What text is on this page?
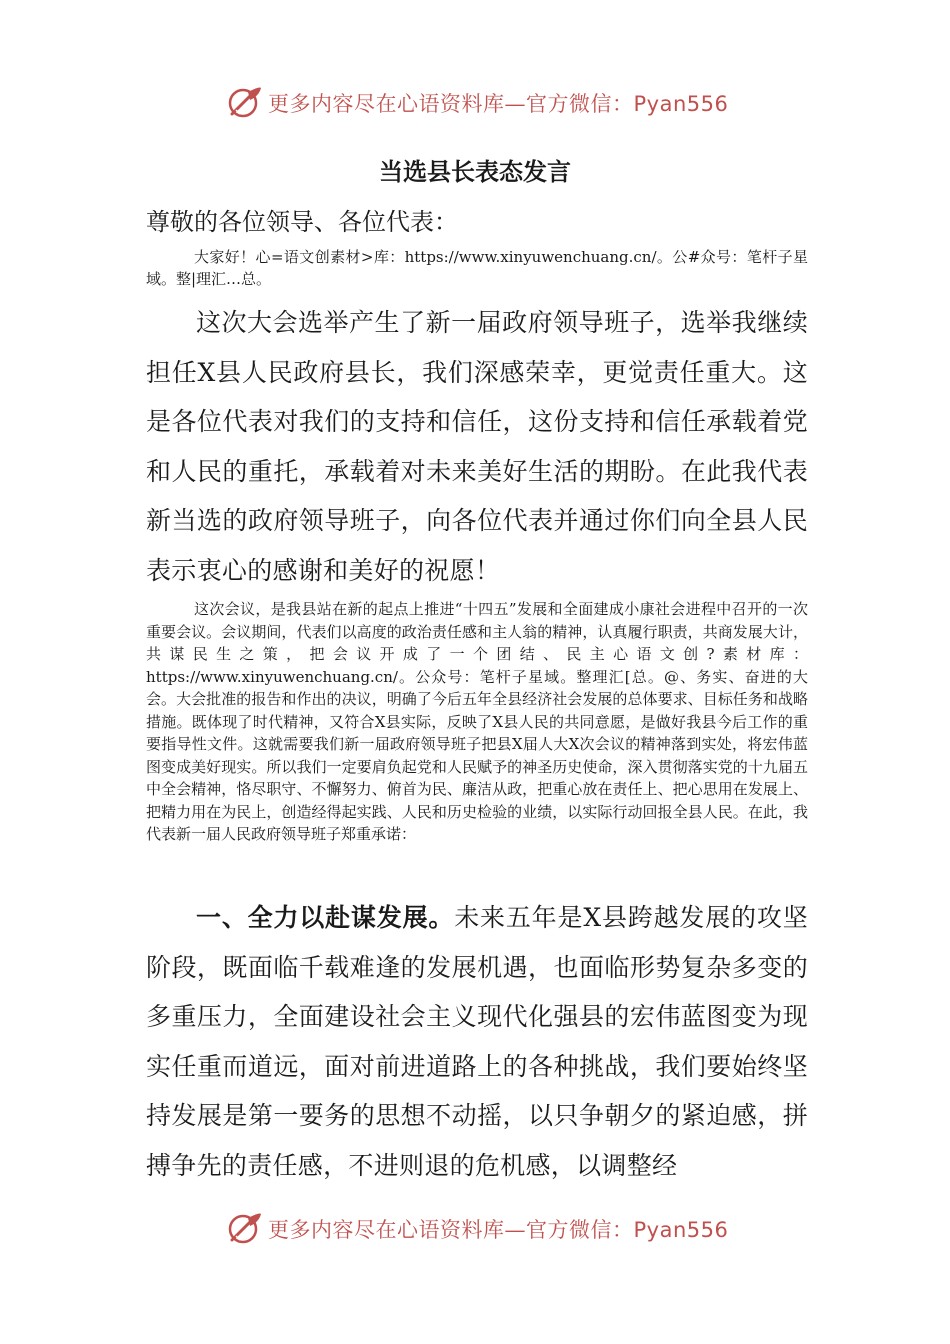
更多内容尽在心语资料库—官方微信：Pyan556
当选县长表态发言
尊敬的各位领导、各位代表：
大家好！心=语文创素材>库：https://www.xinyuwenchuang.cn/。公#众号：笔杆子星域。整|理汇…总。
这次大会选举产生了新一届政府领导班子，选举我继续担任X县人民政府县长，我们深感荣幸，更觉责任重大。这是各位代表对我们的支持和信任，这份支持和信任承载着党和人民的重托，承载着对未来美好生活的期盼。在此我代表新当选的政府领导班子，向各位代表并通过你们向全县人民表示衷心的感谢和美好的祝愿！
这次会议，是我县站在新的起点上推进“十四五”发展和全面建成小康社会进程中召开的一次重要会议。会议期间，代表们以高度的政治责任感和主人翁的精神，认真履行职责，共商发展大计，共谋民生之策，把会议开成了一个团结、民主心语文创?素材库：https://www.xinyuwenchuang.cn/。公众号：笔杆子星域。整理汇[总。@、务实、奋进的大会。大会批准的报告和作出的决议，明确了今后五年全县经济社会发展的总体要求、目标任务和战略措施。既体现了时代精神，又符合X县实际，反映了X县人民的共同意愿，是做好我县今后工作的重要指导性文件。这就需要我们新一届政府领导班子把县X届人大X次会议的精神落到实处，将宏伟蓝图变成美好现实。所以我们一定要肩负起党和人民赋予的神圣历史使命，深入贯彻落实党的十九届五中全会精神，恪尽职守、不懈努力、俯首为民、廉洁从政，把重心放在责任上、把心思用在发展上、把精力用在为民上，创造经得起实践、人民和历史检验的业绩，以实际行动回报全县人民。在此，我代表新一届人民政府领导班子郑重承诺：
一、全力以赴谋发展。未来五年是X县跨越发展的攻坚阶段，既面临千载难逢的发展机遇，也面临形势复杂多变的多重压力，全面建设社会主义现代化强县的宏伟蓝图变为现实任重而道远，面对前进道路上的各种挑战，我们要始终坚持发展是第一要务的思想不动摇，以只争朝夕的紧迫感，拼搏争先的责任感，不进则退的危机感，以调整经
更多内容尽在心语资料库—官方微信：Pyan556
